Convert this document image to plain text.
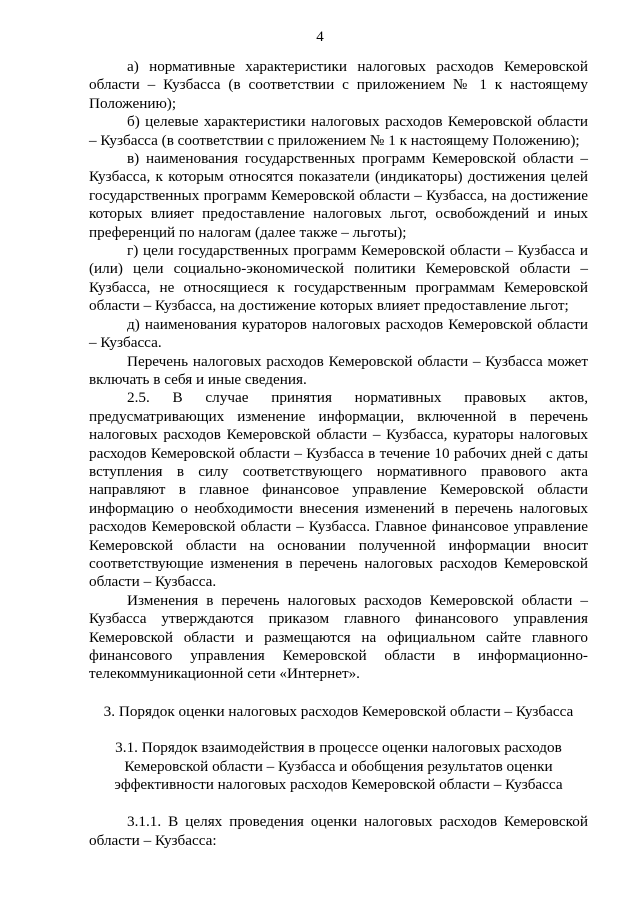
4

а) нормативные характеристики налоговых расходов Кемеровской области – Кузбасса (в соответствии с приложением № 1 к настоящему Положению);

б) целевые характеристики налоговых расходов Кемеровской области – Кузбасса (в соответствии с приложением № 1 к настоящему Положению);

в) наименования государственных программ Кемеровской области – Кузбасса, к которым относятся показатели (индикаторы) достижения целей государственных программ Кемеровской области – Кузбасса, на достижение которых влияет предоставление налоговых льгот, освобождений и иных преференций по налогам (далее также – льготы);

г) цели государственных программ Кемеровской области – Кузбасса и (или) цели социально-экономической политики Кемеровской области – Кузбасса, не относящиеся к государственным программам Кемеровской области – Кузбасса, на достижение которых влияет предоставление льгот;

д) наименования кураторов налоговых расходов Кемеровской области – Кузбасса.

Перечень налоговых расходов Кемеровской области – Кузбасса может включать в себя и иные сведения.

2.5. В случае принятия нормативных правовых актов, предусматривающих изменение информации, включенной в перечень налоговых расходов Кемеровской области – Кузбасса, кураторы налоговых расходов Кемеровской области – Кузбасса в течение 10 рабочих дней с даты вступления в силу соответствующего нормативного правового акта направляют в главное финансовое управление Кемеровской области информацию о необходимости внесения изменений в перечень налоговых расходов Кемеровской области – Кузбасса. Главное финансовое управление Кемеровской области на основании полученной информации вносит соответствующие изменения в перечень налоговых расходов Кемеровской области – Кузбасса.

Изменения в перечень налоговых расходов Кемеровской области – Кузбасса утверждаются приказом главного финансового управления Кемеровской области и размещаются на официальном сайте главного финансового управления Кемеровской области в информационно-телекоммуникационной сети «Интернет».

3. Порядок оценки налоговых расходов Кемеровской области – Кузбасса

3.1. Порядок взаимодействия в процессе оценки налоговых расходов Кемеровской области – Кузбасса и обобщения результатов оценки эффективности налоговых расходов Кемеровской области – Кузбасса

3.1.1. В целях проведения оценки налоговых расходов Кемеровской области – Кузбасса:
